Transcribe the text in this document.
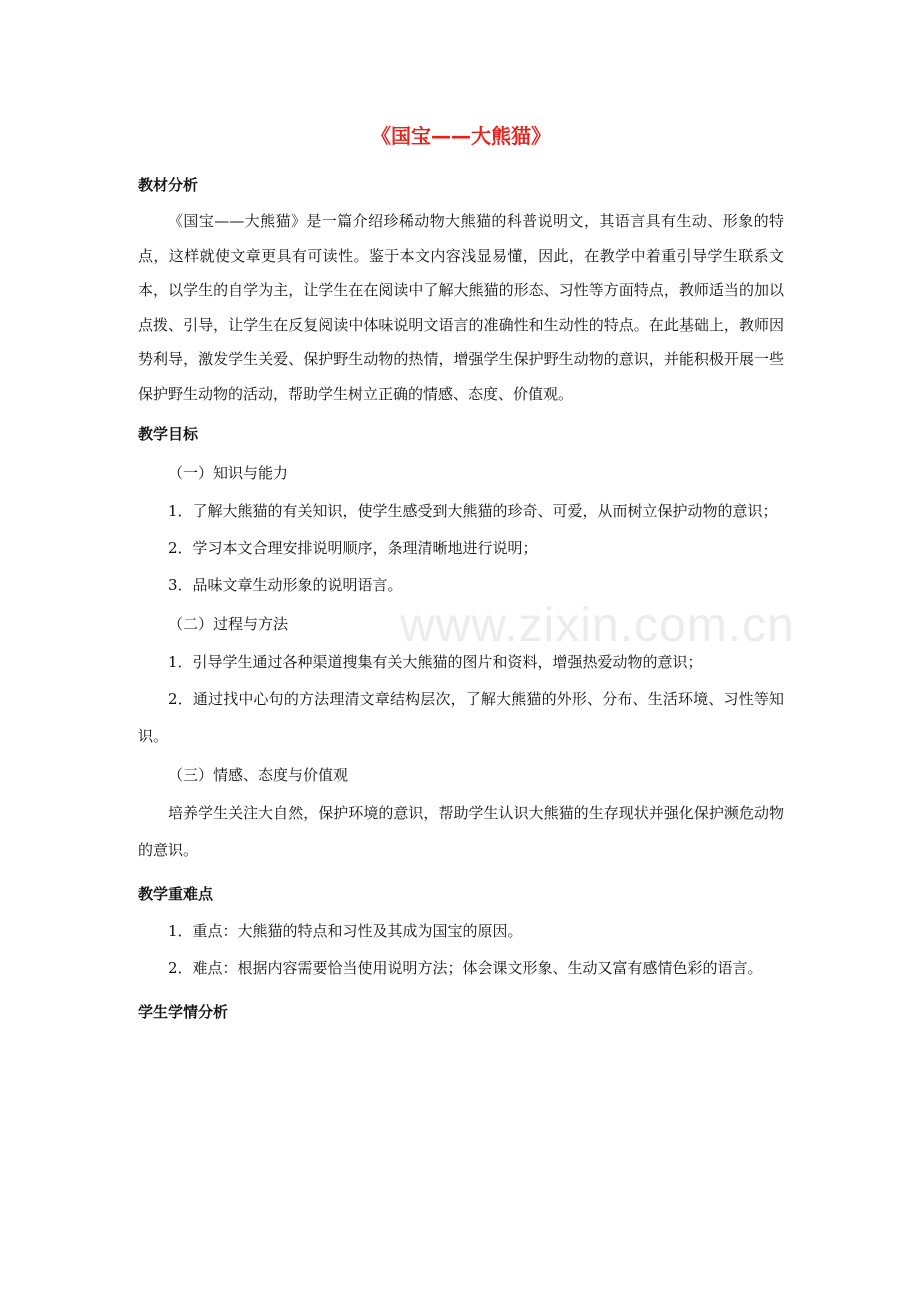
www.zixin.com.cn
《国宝——大熊猫》
教材分析

《国宝——大熊猫》是一篇介绍珍稀动物大熊猫的科普说明文，其语言具有生动、形象的特点，这样就使文章更具有可读性。鉴于本文内容浅显易懂，因此，在教学中着重引导学生联系文本，以学生的自学为主，让学生在在阅读中了解大熊猫的形态、习性等方面特点，教师适当的加以点拨、引导，让学生在反复阅读中体味说明文语言的准确性和生动性的特点。在此基础上，教师因势利导，激发学生关爱、保护野生动物的热情，增强学生保护野生动物的意识，并能积极开展一些保护野生动物的活动，帮助学生树立正确的情感、态度、价值观。

教学目标

（一）知识与能力

1．了解大熊猫的有关知识，使学生感受到大熊猫的珍奇、可爱，从而树立保护动物的意识；

2．学习本文合理安排说明顺序，条理清晰地进行说明；

3．品味文章生动形象的说明语言。

（二）过程与方法

1．引导学生通过各种渠道搜集有关大熊猫的图片和资料，增强热爱动物的意识；

2．通过找中心句的方法理清文章结构层次，了解大熊猫的外形、分布、生活环境、习性等知识。

（三）情感、态度与价值观

培养学生关注大自然，保护环境的意识，帮助学生认识大熊猫的生存现状并强化保护濒危动物的意识。

教学重难点

1．重点：大熊猫的特点和习性及其成为国宝的原因。

2．难点：根据内容需要恰当使用说明方法；体会课文形象、生动又富有感情色彩的语言。

学生学情分析
